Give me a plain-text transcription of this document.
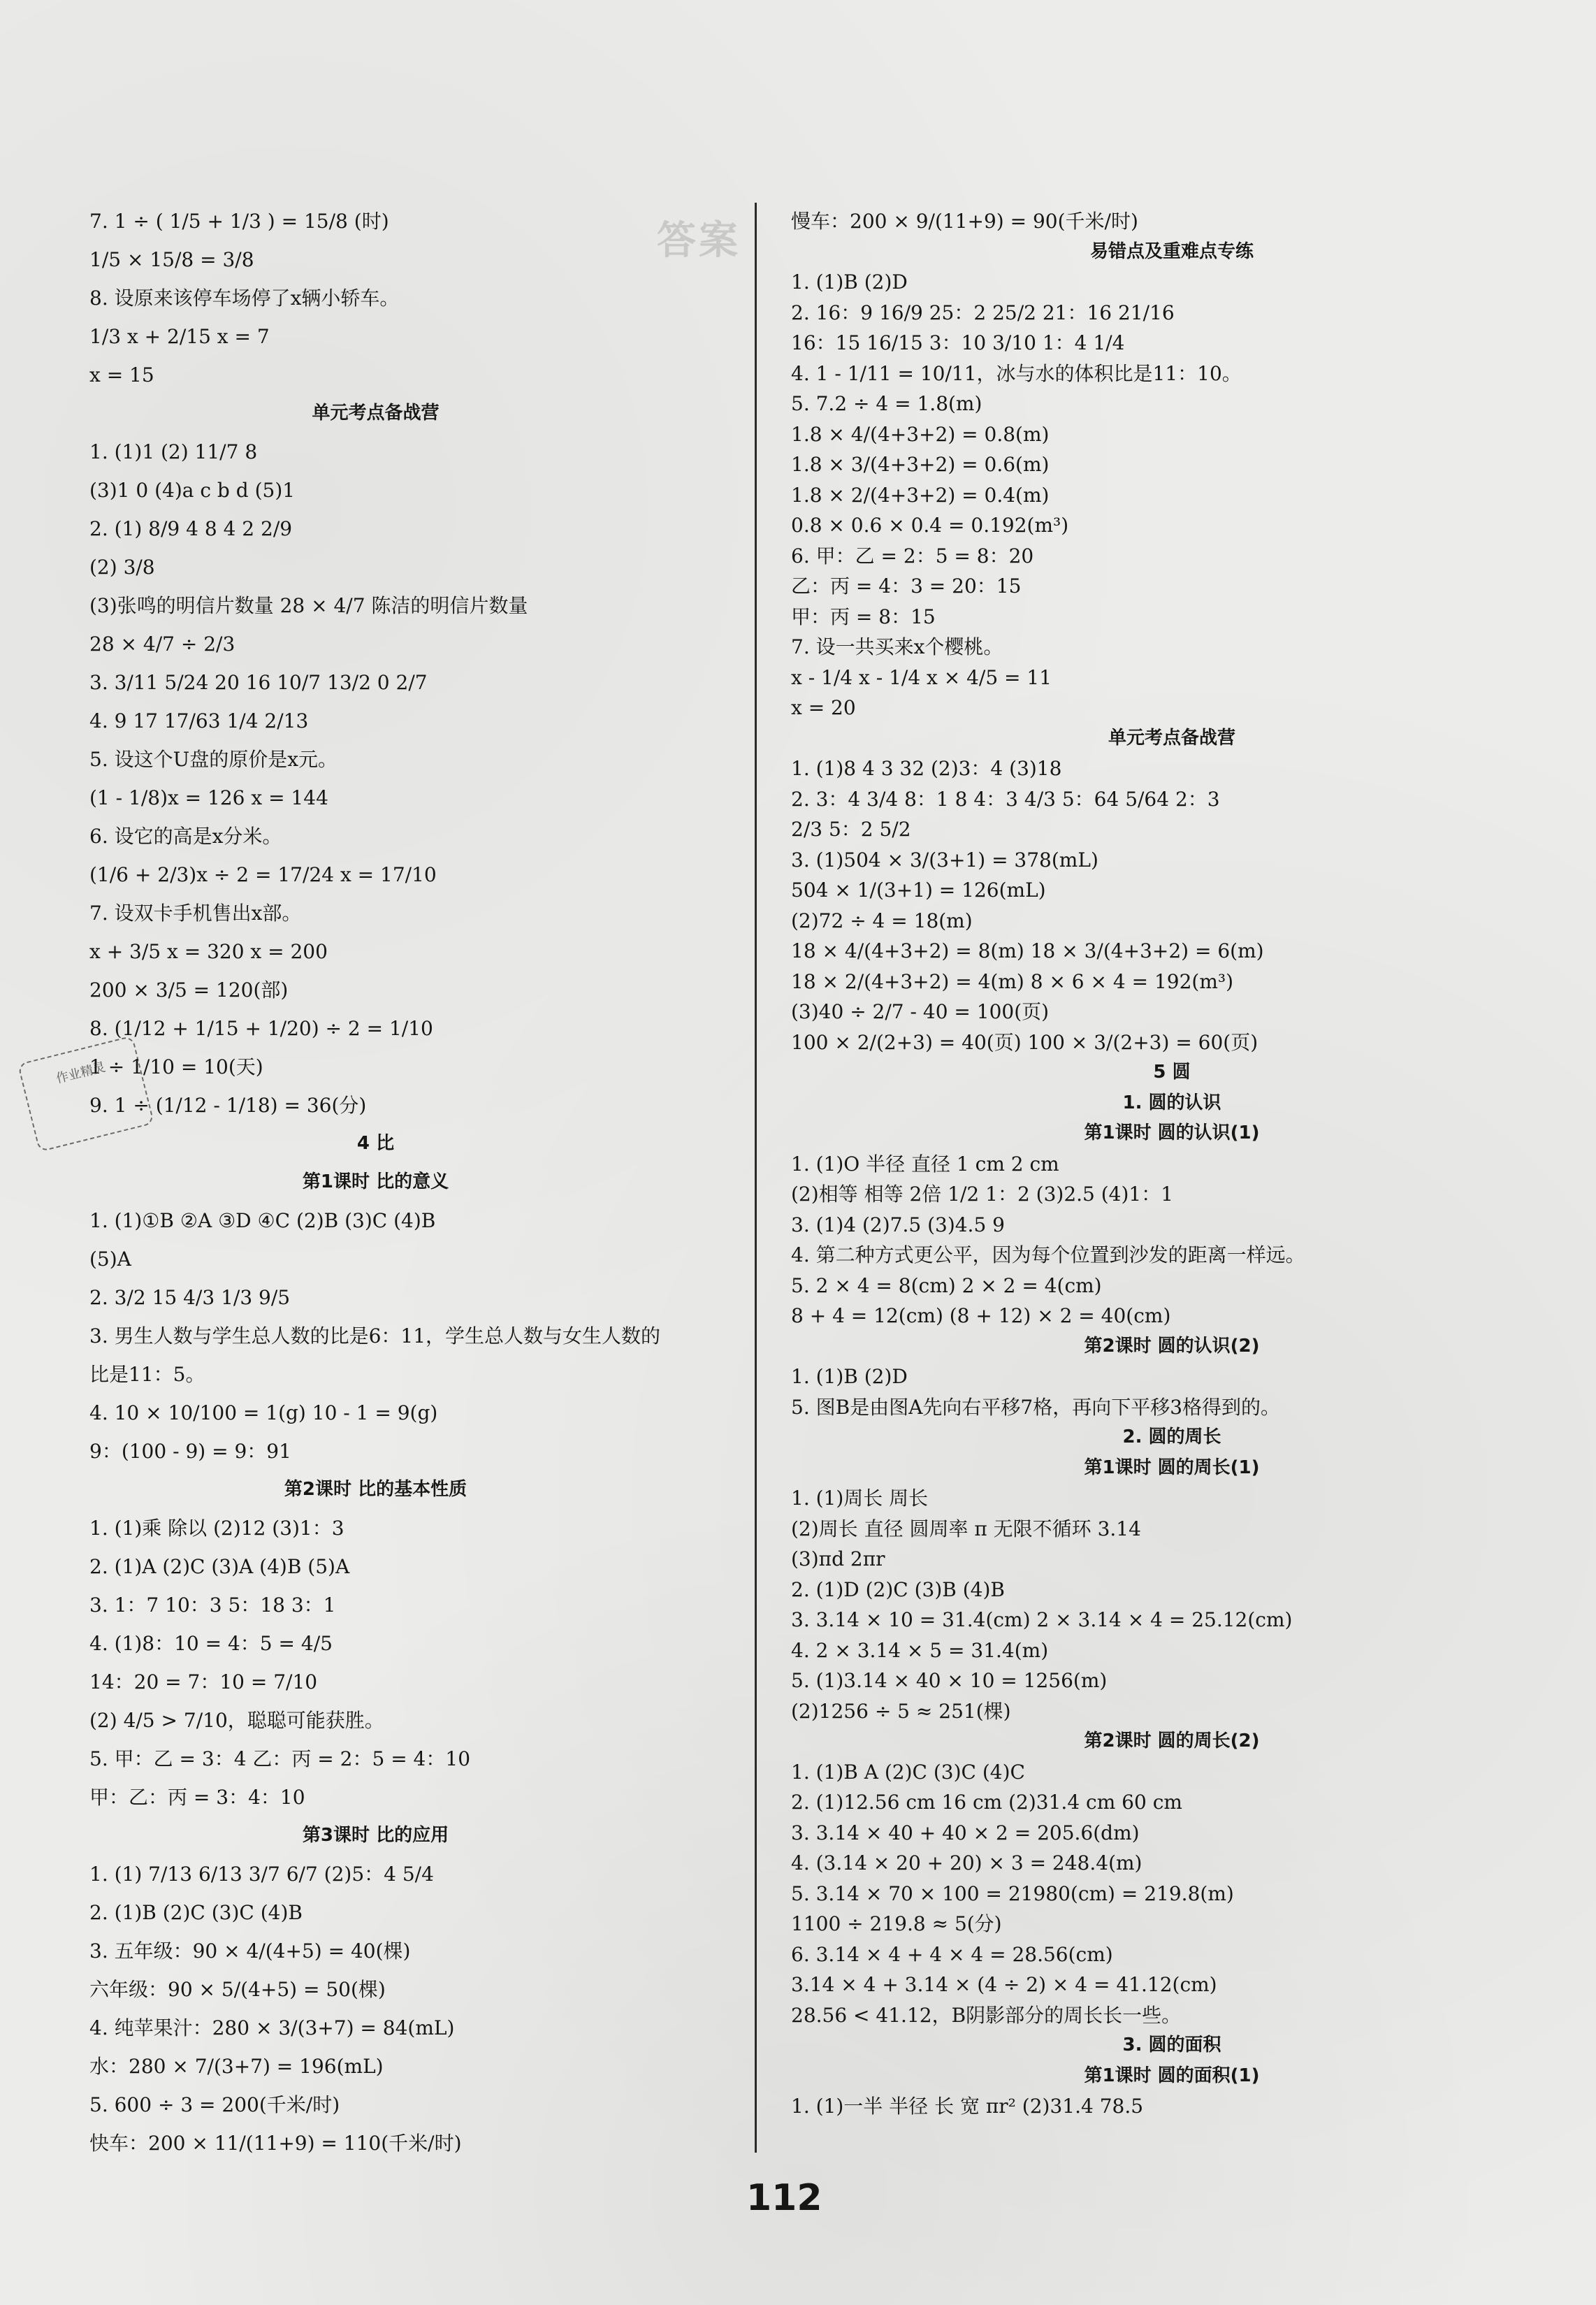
答案
作业精灵
7. 1 ÷ ( 1/5 + 1/3 ) = 15/8 (时)
1/5 × 15/8 = 3/8
8. 设原来该停车场停了x辆小轿车。
1/3 x + 2/15 x = 7
x = 15
单元考点备战营
1. (1)1 (2) 11/7 8
(3)1 0 (4)a c b d (5)1
2. (1) 8/9 4 8 4 2 2/9
(2) 3/8
(3)张鸣的明信片数量 28 × 4/7 陈洁的明信片数量
28 × 4/7 ÷ 2/3
3. 3/11 5/24 20 16 10/7 13/2 0 2/7
4. 9 17 17/63 1/4 2/13
5. 设这个U盘的原价是x元。
(1 - 1/8)x = 126 x = 144
6. 设它的高是x分米。
(1/6 + 2/3)x ÷ 2 = 17/24 x = 17/10
7. 设双卡手机售出x部。
x + 3/5 x = 320 x = 200
200 × 3/5 = 120(部)
8. (1/12 + 1/15 + 1/20) ÷ 2 = 1/10
1 ÷ 1/10 = 10(天)
9. 1 ÷ (1/12 - 1/18) = 36(分)
4 比
第1课时 比的意义
1. (1)①B ②A ③D ④C (2)B (3)C (4)B
(5)A
2. 3/2 15 4/3 1/3 9/5
3. 男生人数与学生总人数的比是6：11，学生总人数与女生人数的
比是11：5。
4. 10 × 10/100 = 1(g) 10 - 1 = 9(g)
9：(100 - 9) = 9：91
第2课时 比的基本性质
1. (1)乘 除以 (2)12 (3)1：3
2. (1)A (2)C (3)A (4)B (5)A
3. 1：7 10：3 5：18 3：1
4. (1)8：10 = 4：5 = 4/5
14：20 = 7：10 = 7/10
(2) 4/5 > 7/10，聪聪可能获胜。
5. 甲：乙 = 3：4 乙：丙 = 2：5 = 4：10
甲：乙：丙 = 3：4：10
第3课时 比的应用
1. (1) 7/13 6/13 3/7 6/7 (2)5：4 5/4
2. (1)B (2)C (3)C (4)B
3. 五年级：90 × 4/(4+5) = 40(棵)
六年级：90 × 5/(4+5) = 50(棵)
4. 纯苹果汁：280 × 3/(3+7) = 84(mL)
水：280 × 7/(3+7) = 196(mL)
5. 600 ÷ 3 = 200(千米/时)
快车：200 × 11/(11+9) = 110(千米/时)
慢车：200 × 9/(11+9) = 90(千米/时)
易错点及重难点专练
1. (1)B (2)D
2. 16：9 16/9 25：2 25/2 21：16 21/16
16：15 16/15 3：10 3/10 1：4 1/4
4. 1 - 1/11 = 10/11，冰与水的体积比是11：10。
5. 7.2 ÷ 4 = 1.8(m)
1.8 × 4/(4+3+2) = 0.8(m)
1.8 × 3/(4+3+2) = 0.6(m)
1.8 × 2/(4+3+2) = 0.4(m)
0.8 × 0.6 × 0.4 = 0.192(m³)
6. 甲：乙 = 2：5 = 8：20
乙：丙 = 4：3 = 20：15
甲：丙 = 8：15
7. 设一共买来x个樱桃。
x - 1/4 x - 1/4 x × 4/5 = 11
x = 20
单元考点备战营
1. (1)8 4 3 32 (2)3：4 (3)18
2. 3：4 3/4 8：1 8 4：3 4/3 5：64 5/64 2：3
2/3 5：2 5/2
3. (1)504 × 3/(3+1) = 378(mL)
504 × 1/(3+1) = 126(mL)
(2)72 ÷ 4 = 18(m)
18 × 4/(4+3+2) = 8(m) 18 × 3/(4+3+2) = 6(m)
18 × 2/(4+3+2) = 4(m) 8 × 6 × 4 = 192(m³)
(3)40 ÷ 2/7 - 40 = 100(页)
100 × 2/(2+3) = 40(页) 100 × 3/(2+3) = 60(页)
5 圆
1. 圆的认识
第1课时 圆的认识(1)
1. (1)O 半径 直径 1 cm 2 cm
(2)相等 相等 2倍 1/2 1：2 (3)2.5 (4)1：1
3. (1)4 (2)7.5 (3)4.5 9
4. 第二种方式更公平，因为每个位置到沙发的距离一样远。
5. 2 × 4 = 8(cm) 2 × 2 = 4(cm)
8 + 4 = 12(cm) (8 + 12) × 2 = 40(cm)
第2课时 圆的认识(2)
1. (1)B (2)D
5. 图B是由图A先向右平移7格，再向下平移3格得到的。
2. 圆的周长
第1课时 圆的周长(1)
1. (1)周长 周长
(2)周长 直径 圆周率 π 无限不循环 3.14
(3)πd 2πr
2. (1)D (2)C (3)B (4)B
3. 3.14 × 10 = 31.4(cm) 2 × 3.14 × 4 = 25.12(cm)
4. 2 × 3.14 × 5 = 31.4(m)
5. (1)3.14 × 40 × 10 = 1256(m)
(2)1256 ÷ 5 ≈ 251(棵)
第2课时 圆的周长(2)
1. (1)B A (2)C (3)C (4)C
2. (1)12.56 cm 16 cm (2)31.4 cm 60 cm
3. 3.14 × 40 + 40 × 2 = 205.6(dm)
4. (3.14 × 20 + 20) × 3 = 248.4(m)
5. 3.14 × 70 × 100 = 21980(cm) = 219.8(m)
1100 ÷ 219.8 ≈ 5(分)
6. 3.14 × 4 + 4 × 4 = 28.56(cm)
3.14 × 4 + 3.14 × (4 ÷ 2) × 4 = 41.12(cm)
28.56 < 41.12，B阴影部分的周长长一些。
3. 圆的面积
第1课时 圆的面积(1)
1. (1)一半 半径 长 宽 πr² (2)31.4 78.5
112
